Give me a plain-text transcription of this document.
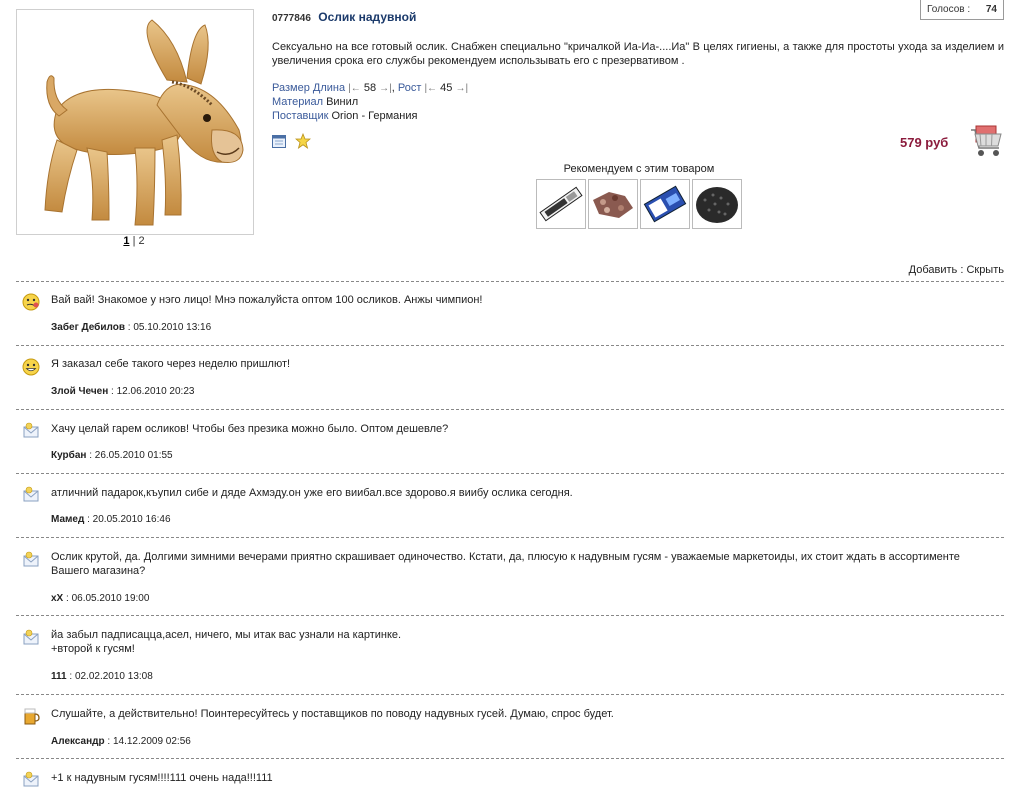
1 | 2
Голосов : 74
0777846 Ослик надувной
Сексуально на все готовый ослик. Снабжен специально "кричалкой Иа-Иа-....Иа" В целях гигиены, а также для простоты ухода за изделием и увеличения срока его службы рекомендуем использывать его с презервативом .
Размер Длина |← 58 →|, Рост |← 45 →|
Материал Винил
Поставщик Orion - Германия
579 руб
Рекомендуем с этим товаром
Добавить : Скрыть
Вай вай! Знакомое у нэго лицо! Мнэ пожалуйста оптом 100 осликов. Анжы чимпион!
Забег Дебилов : 05.10.2010 13:16
Я заказал себе такого через неделю пришлют!
Злой Чечен : 12.06.2010 20:23
Хачу целай гарем осликов! Чтобы без презика можно было. Оптом дешевле?
Курбан : 26.05.2010 01:55
атличний падарок,къупил сибе и дяде Ахмэду.он уже его виибал.все здорово.я виибу ослика сегодня.
Мамед : 20.05.2010 16:46
Ослик крутой, да. Долгими зимними вечерами приятно скрашивает одиночество. Кстати, да, плюсую к надувным гусям - уважаемые маркетоиды, их стоит ждать в ассортименте Вашего магазина?
xX : 06.05.2010 19:00
йа забыл падписацца,асел, ничего, мы итак вас узнали на картинке. +второй к гусям!
111 : 02.02.2010 13:08
Слушайте, а действительно! Поинтересуйтесь у поставщиков по поводу надувных гусей. Думаю, спрос будет.
Александр : 14.12.2009 02:56
+1 к надувным гусям!!!!111 очень нада!!!111
